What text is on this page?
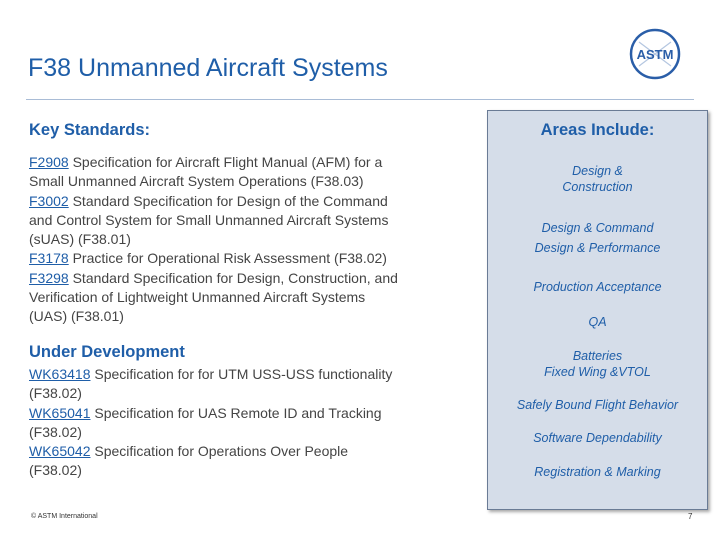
F38 Unmanned Aircraft Systems	ASTM
Key Standards:
F2908 Specification for Aircraft Flight Manual (AFM) for a
Small Unmanned Aircraft System Operations (F38.03)
F3002 Standard Specification for Design of the Command
and Control System for Small Unmanned Aircraft Systems
(sUAS) (F38.01)
F3178 Practice for Operational Risk Assessment (F38.02)
F3298 Standard Specification for Design, Construction, and
Verification of Lightweight Unmanned Aircraft Systems
(UAS) (F38.01)
Under Development
WK63418 Specification for for UTM USS-USS functionality
(F38.02)
WK65041 Specification for UAS Remote ID and Tracking
(F38.02)
WK65042 Specification for Operations Over People
(F38.02)
Areas Include:
Design &
Construction
Design & Command
Design & Performance
Production Acceptance
QA
Batteries
Fixed Wing &VTOL
Safely Bound Flight Behavior
Software Dependability
Registration & Marking
© ASTM International	7
